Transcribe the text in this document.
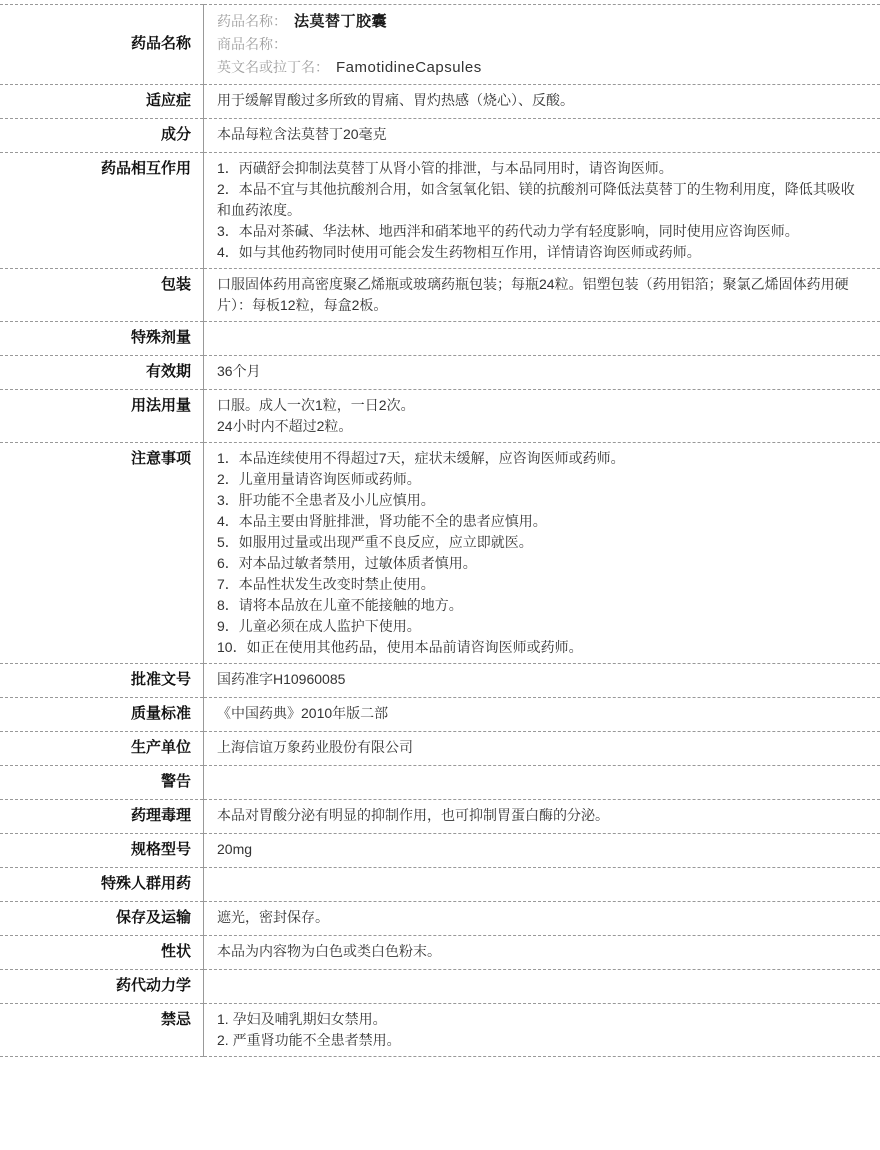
药品名称	药品名称： 法莫替丁胶囊
商品名称：
英文名或拉丁名： FamotidineCapsules

适应症	用于缓解胃酸过多所致的胃痛、胃灼热感（烧心）、反酸。

成分	本品每粒含法莫替丁20毫克

药品相互作用	1．丙磺舒会抑制法莫替丁从肾小管的排泄，与本品同用时，请咨询医师。
2．本品不宜与其他抗酸剂合用，如含氢氧化铝、镁的抗酸剂可降低法莫替丁的生物利用度，降低其吸收和血药浓度。
3．本品对茶碱、华法林、地西泮和硝苯地平的药代动力学有轻度影响，同时使用应咨询医师。
4．如与其他药物同时使用可能会发生药物相互作用，详情请咨询医师或药师。

包装	口服固体药用高密度聚乙烯瓶或玻璃药瓶包装；每瓶24粒。铝塑包装（药用铝箔；聚氯乙烯固体药用硬片）：每板12粒，每盒2板。

特殊剂量	
有效期	36个月

用法用量	口服。成人一次1粒，一日2次。
24小时内不超过2粒。

注意事项	1．本品连续使用不得超过7天，症状未缓解，应咨询医师或药师。
2．儿童用量请咨询医师或药师。
3．肝功能不全患者及小儿应慎用。
4．本品主要由肾脏排泄，肾功能不全的患者应慎用。
5．如服用过量或出现严重不良反应，应立即就医。
6．对本品过敏者禁用，过敏体质者慎用。
7．本品性状发生改变时禁止使用。
8．请将本品放在儿童不能接触的地方。
9．儿童必须在成人监护下使用。
10．如正在使用其他药品，使用本品前请咨询医师或药师。

批准文号	国药准字H10960085

质量标准	《中国药典》2010年版二部

生产单位	上海信谊万象药业股份有限公司

警告	
药理毒理	本品对胃酸分泌有明显的抑制作用，也可抑制胃蛋白酶的分泌。

规格型号	20mg

特殊人群用药	
保存及运输	遮光，密封保存。

性状	本品为内容物为白色或类白色粉末。

药代动力学	
禁忌	1. 孕妇及哺乳期妇女禁用。
2. 严重肾功能不全患者禁用。
